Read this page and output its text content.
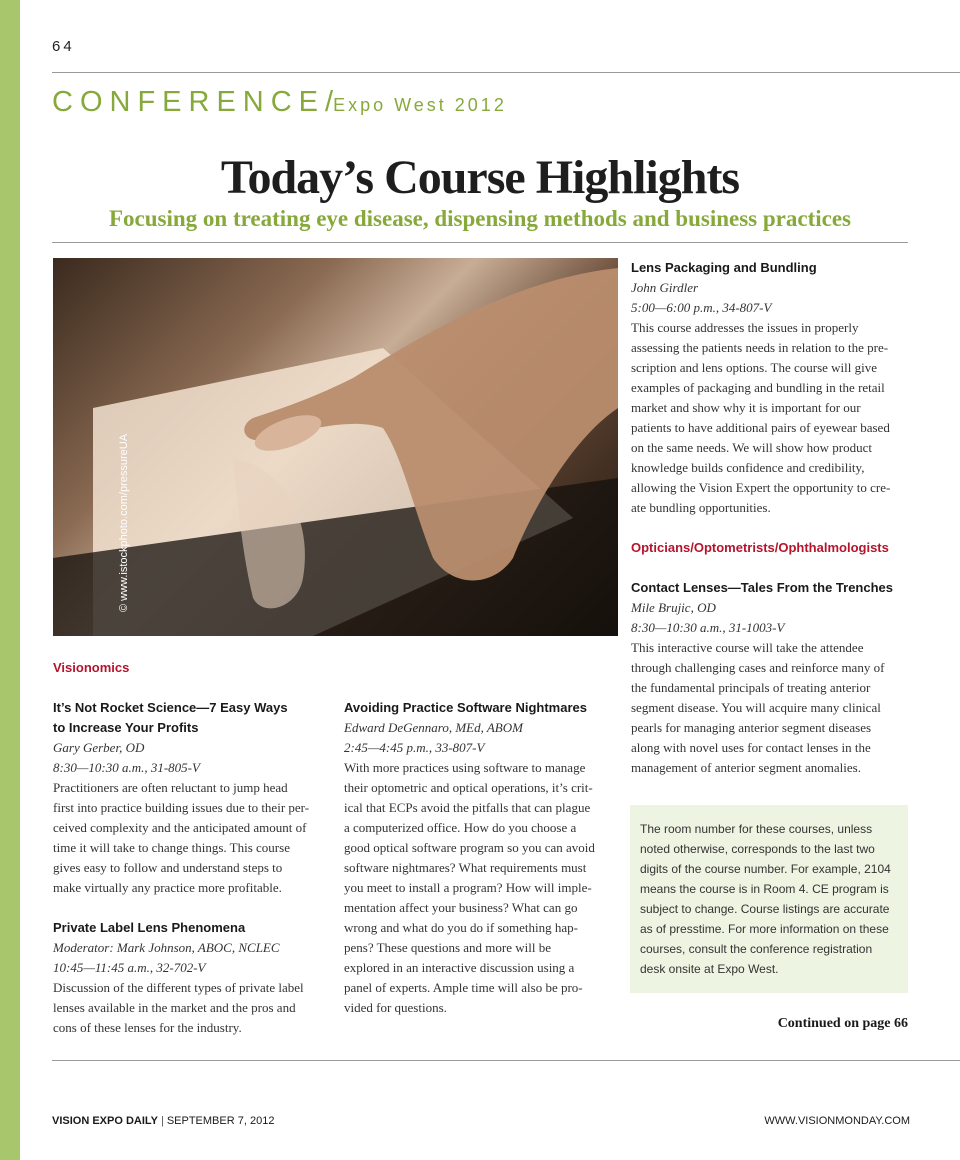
64
CONFERENCE/Expo West 2012
Today’s Course Highlights
Focusing on treating eye disease, dispensing methods and business practices
© www.istockphoto.com/pressureUA
Visionomics
It’s Not Rocket Science—7 Easy Ways
to Increase Your Profits
Gary Gerber, OD
8:30—10:30 a.m., 31-805-V
Practitioners are often reluctant to jump head
first into practice building issues due to their per-
ceived complexity and the anticipated amount of
time it will take to change things. This course
gives easy to follow and understand steps to
make virtually any practice more profitable.
Private Label Lens Phenomena
Moderator: Mark Johnson, ABOC, NCLEC
10:45—11:45 a.m., 32-702-V
Discussion of the different types of private label
lenses available in the market and the pros and
cons of these lenses for the industry.
Avoiding Practice Software Nightmares
Edward DeGennaro, MEd, ABOM
2:45—4:45 p.m., 33-807-V
With more practices using software to manage
their optometric and optical operations, it’s crit-
ical that ECPs avoid the pitfalls that can plague
a computerized office. How do you choose a
good optical software program so you can avoid
software nightmares? What requirements must
you meet to install a program? How will imple-
mentation affect your business? What can go
wrong and what do you do if something hap-
pens? These questions and more will be
explored in an interactive discussion using a
panel of experts. Ample time will also be pro-
vided for questions.
Lens Packaging and Bundling
John Girdler
5:00—6:00 p.m., 34-807-V
This course addresses the issues in properly
assessing the patients needs in relation to the pre-
scription and lens options. The course will give
examples of packaging and bundling in the retail
market and show why it is important for our
patients to have additional pairs of eyewear based
on the same needs. We will show how product
knowledge builds confidence and credibility,
allowing the Vision Expert the opportunity to cre-
ate bundling opportunities.
Opticians/Optometrists/Ophthalmologists
Contact Lenses—Tales From the Trenches
Mile Brujic, OD
8:30—10:30 a.m., 31-1003-V
This interactive course will take the attendee
through challenging cases and reinforce many of
the fundamental principals of treating anterior
segment disease. You will acquire many clinical
pearls for managing anterior segment diseases
along with novel uses for contact lenses in the
management of anterior segment anomalies.

The room number for these courses, unless

noted otherwise, corresponds to the last two

digits of the course number. For example, 2104

means the course is in Room 4. CE program is

subject to change. Course listings are accurate

as of presstime. For more information on these

courses, consult the conference registration

desk onsite at Expo West.

Continued on page 66
VISION EXPO DAILY | SEPTEMBER 7, 2012	WWW.VISIONMONDAY.COM
